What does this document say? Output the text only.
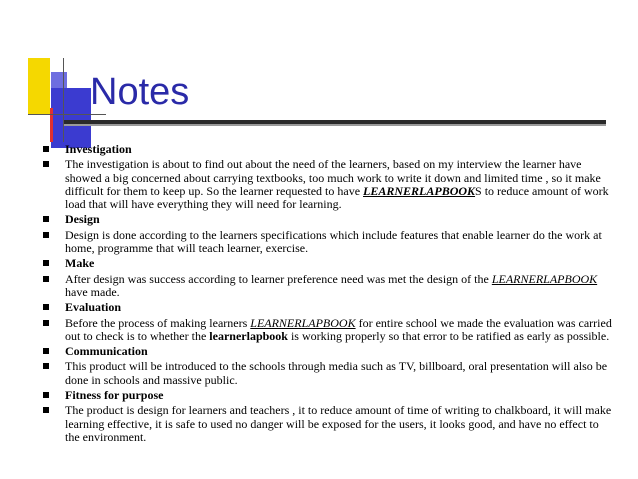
Notes
Investigation
The investigation is about to find out about the need of the learners, based on my interview the learner have showed a big concerned about carrying textbooks, too much work to write it down and limited time , so it make difficult for them to keep up. So the learner requested to have LEARNERLAPBOOKS to reduce amount of work load that will have everything they will need for learning.
Design
Design is done according to the learners specifications which include features that enable learner do the work at home, programme that will teach learner, exercise.
Make
After design was success according to learner preference need was met the design of the LEARNERLAPBOOK have made.
Evaluation
Before the process of making learners LEARNERLAPBOOK for entire school we made the evaluation was carried out to check is to whether the learnerlapbook is working properly so that error to be ratified as early as possible.
Communication
This product will be introduced to the schools through media such as TV, billboard, oral presentation will also be done in schools and massive public.
Fitness for purpose
The product is design for learners and teachers , it to reduce amount of time of writing to chalkboard, it will make learning effective, it is safe to used no danger will be exposed for the users, it looks good, and have no effect to the environment.
